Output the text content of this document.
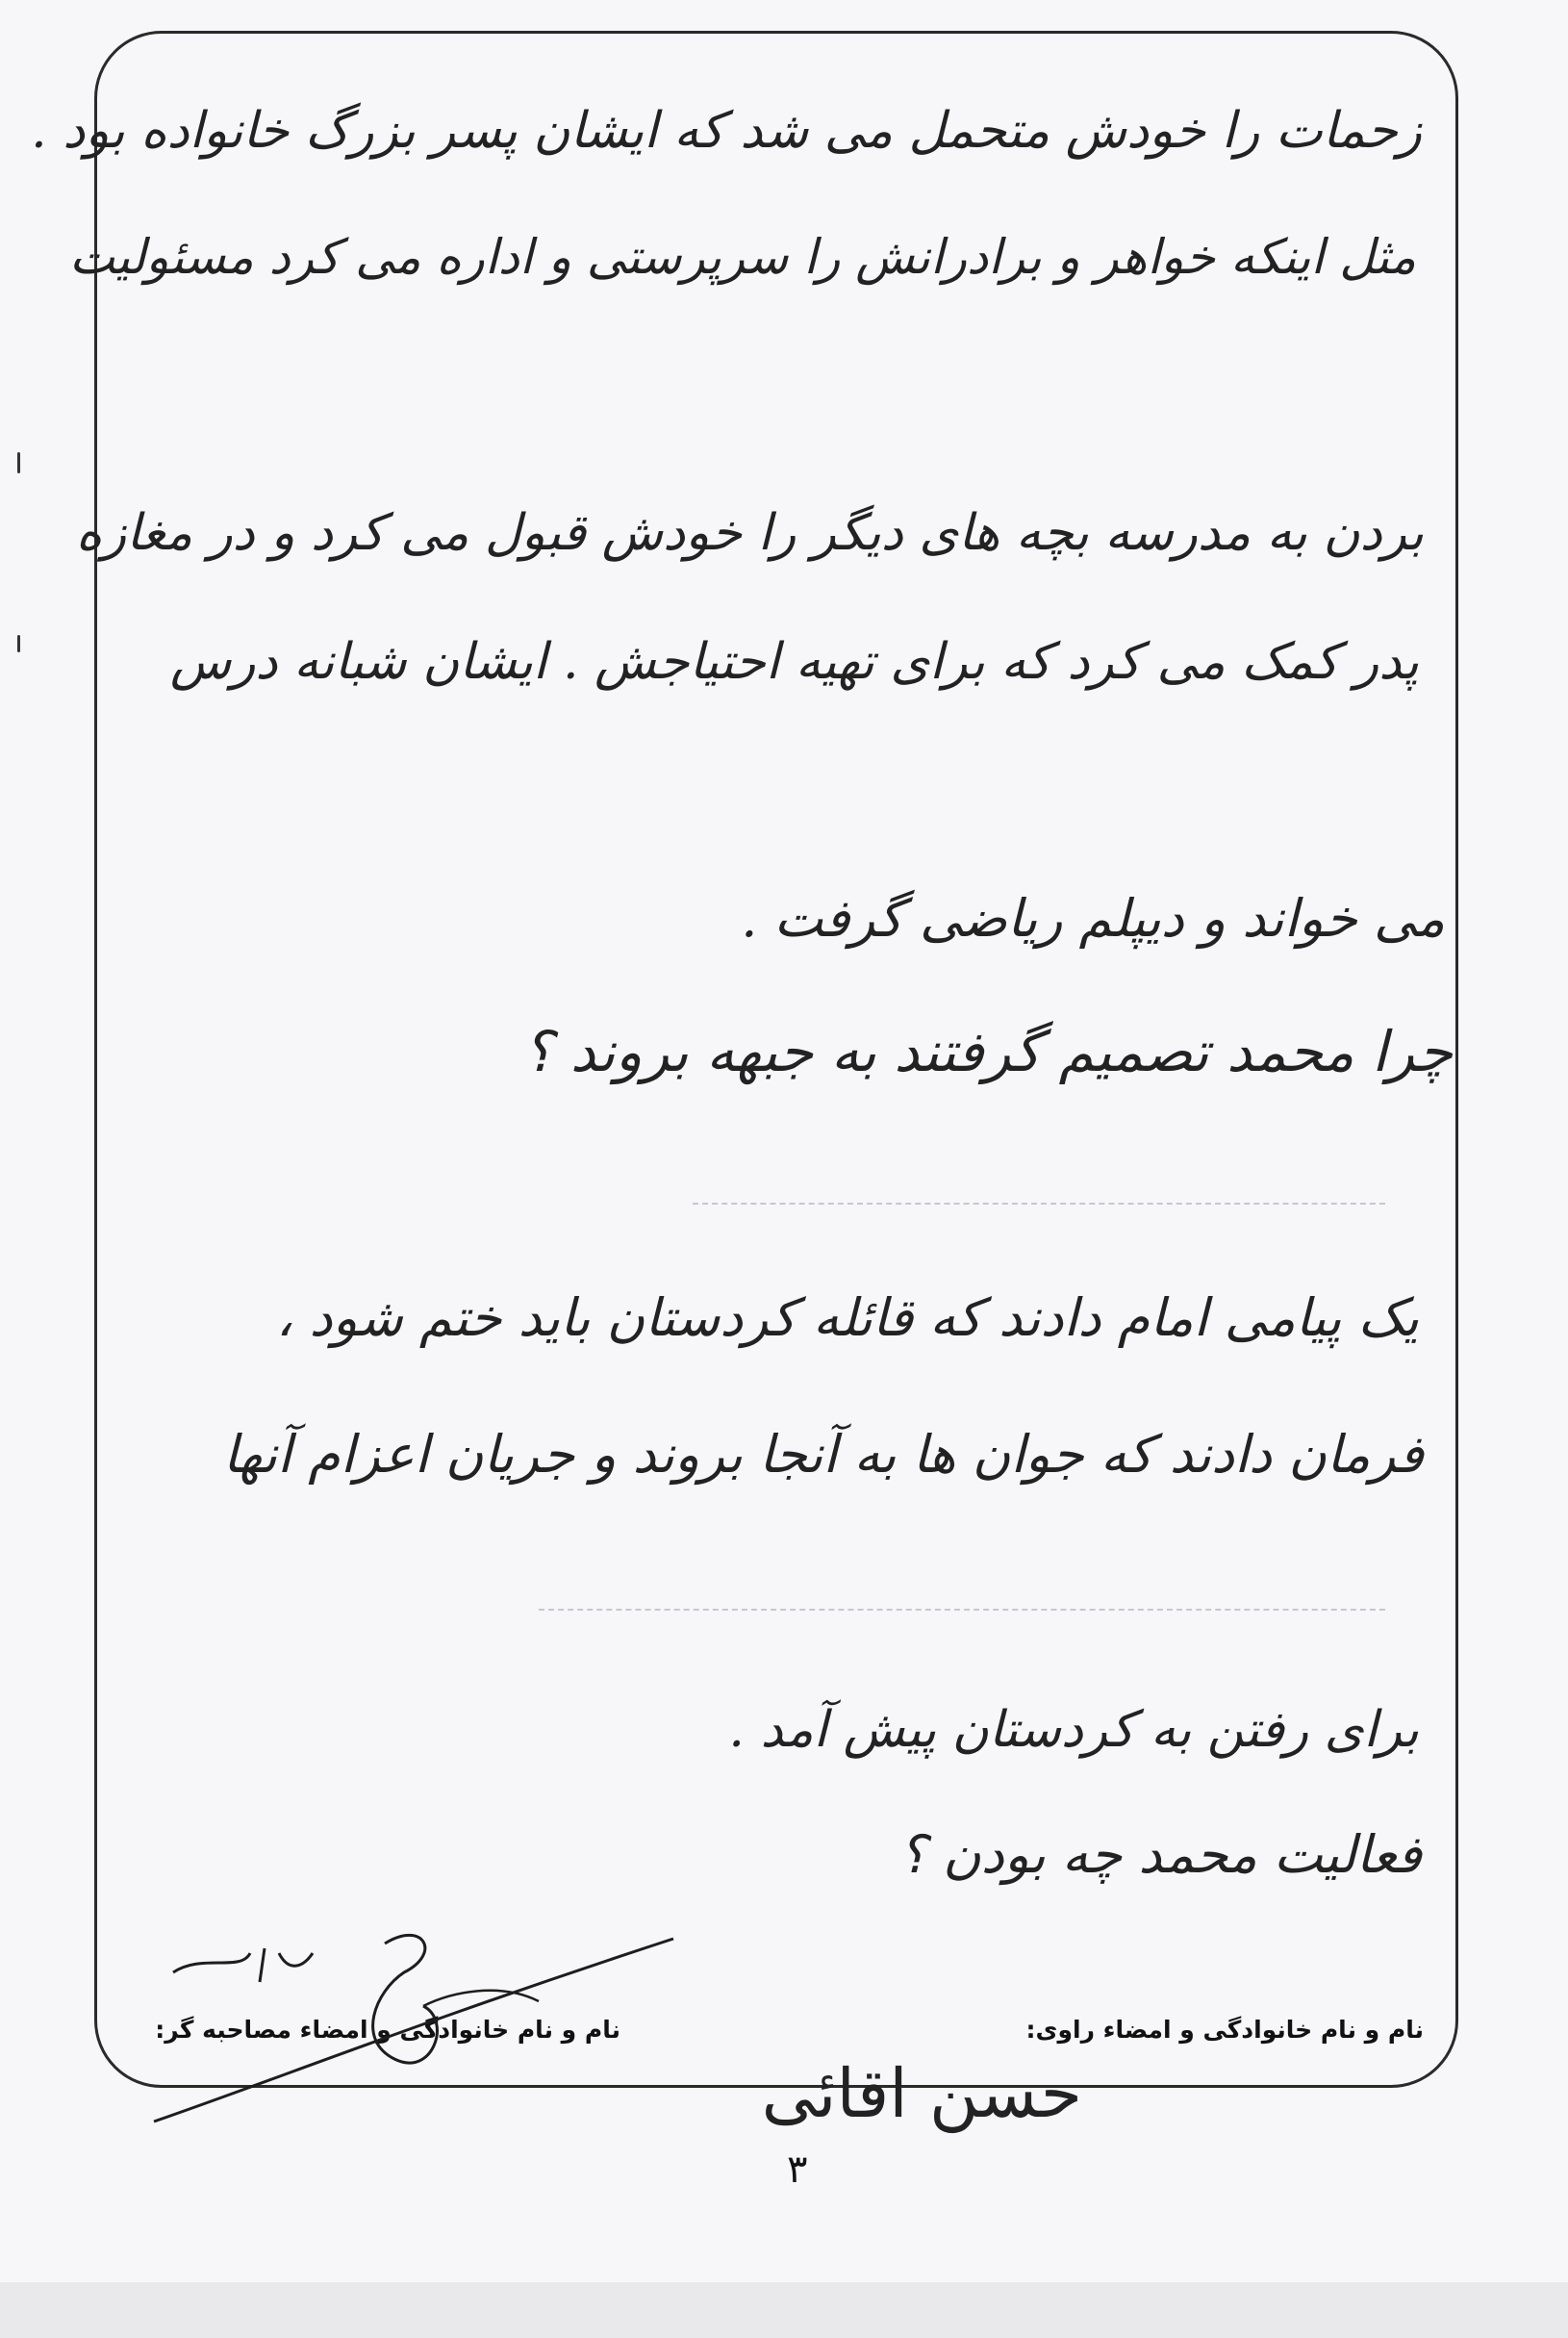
زحمات را خودش متحمل می شد که ایشان پسر بزرگ خانواده بود .
مثل اینکه خواهر و برادرانش را سرپرستی و اداره می کرد مسئولیت
بردن به مدرسه بچه های دیگر را خودش قبول می کرد و در مغازه
پدر کمک می کرد که برای تهیه احتیاجش . ایشان شبانه درس
می خواند و دیپلم ریاضی گرفت .
چرا محمد تصمیم گرفتند به جبهه بروند ؟
یک پیامی امام دادند که قائله کردستان باید ختم شود ،
فرمان دادند که جوان ها به آنجا بروند و جریان اعزام آنها
برای رفتن به کردستان پیش آمد .
فعالیت محمد چه بودن ؟
نام و نام خانوادگی و امضاء راوی:
نام و نام خانوادگی و امضاء مصاحبه گر:
حسن اقائی
۳
